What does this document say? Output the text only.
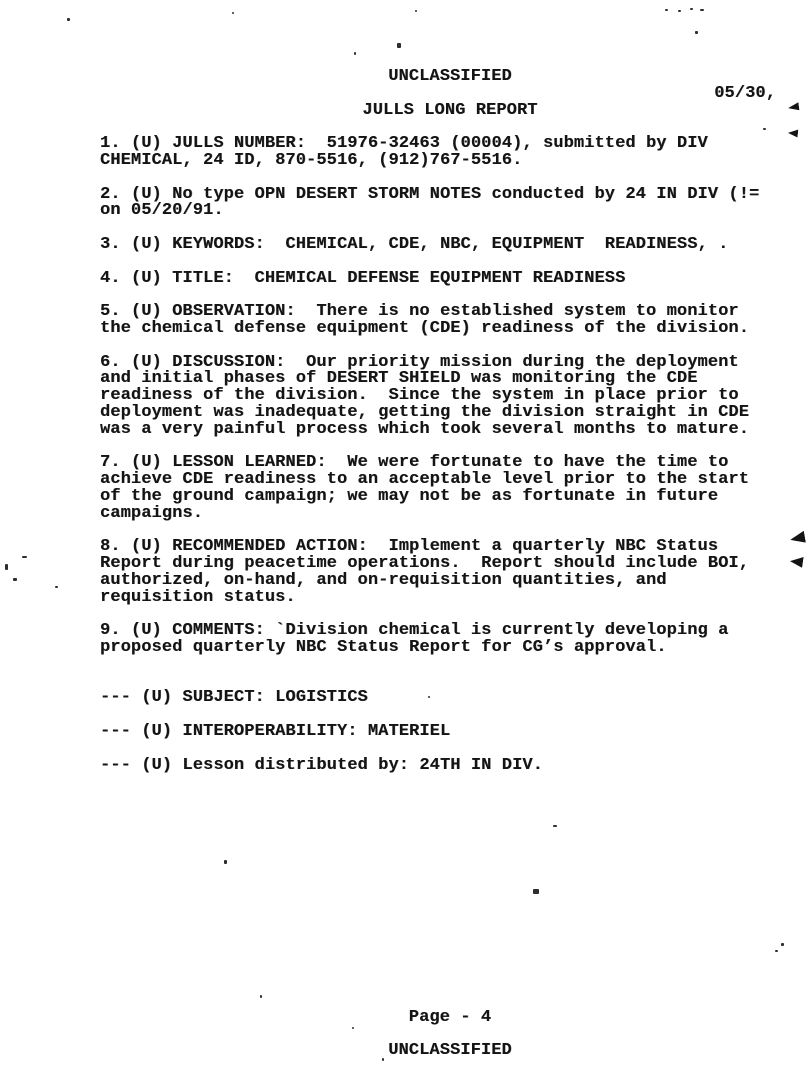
UNCLASSIFIED
05/30,
JULLS LONG REPORT

1. (U) JULLS NUMBER:  51976-32463 (00004), submitted by DIV
CHEMICAL, 24 ID, 870-5516, (912)767-5516.

2. (U) No type OPN DESERT STORM NOTES conducted by 24 IN DIV (!=
on 05/20/91.

3. (U) KEYWORDS:  CHEMICAL, CDE, NBC, EQUIPMENT  READINESS, .

4. (U) TITLE:  CHEMICAL DEFENSE EQUIPMENT READINESS

5. (U) OBSERVATION:  There is no established system to monitor
the chemical defense equipment (CDE) readiness of the division.

6. (U) DISCUSSION:  Our priority mission during the deployment
and initial phases of DESERT SHIELD was monitoring the CDE
readiness of the division.  Since the system in place prior to
deployment was inadequate, getting the division straight in CDE
was a very painful process which took several months to mature.

7. (U) LESSON LEARNED:  We were fortunate to have the time to
achieve CDE readiness to an acceptable level prior to the start
of the ground campaign; we may not be as fortunate in future
campaigns.

8. (U) RECOMMENDED ACTION:  Implement a quarterly NBC Status
Report during peacetime operations.  Report should include BOI,
authorized, on-hand, and on-requisition quantities, and
requisition status.

9. (U) COMMENTS: `Division chemical is currently developing a
proposed quarterly NBC Status Report for CG’s approval.

--- (U) SUBJECT: LOGISTICS

--- (U) INTEROPERABILITY: MATERIEL

--- (U) Lesson distributed by: 24TH IN DIV.

Page - 4

UNCLASSIFIED
